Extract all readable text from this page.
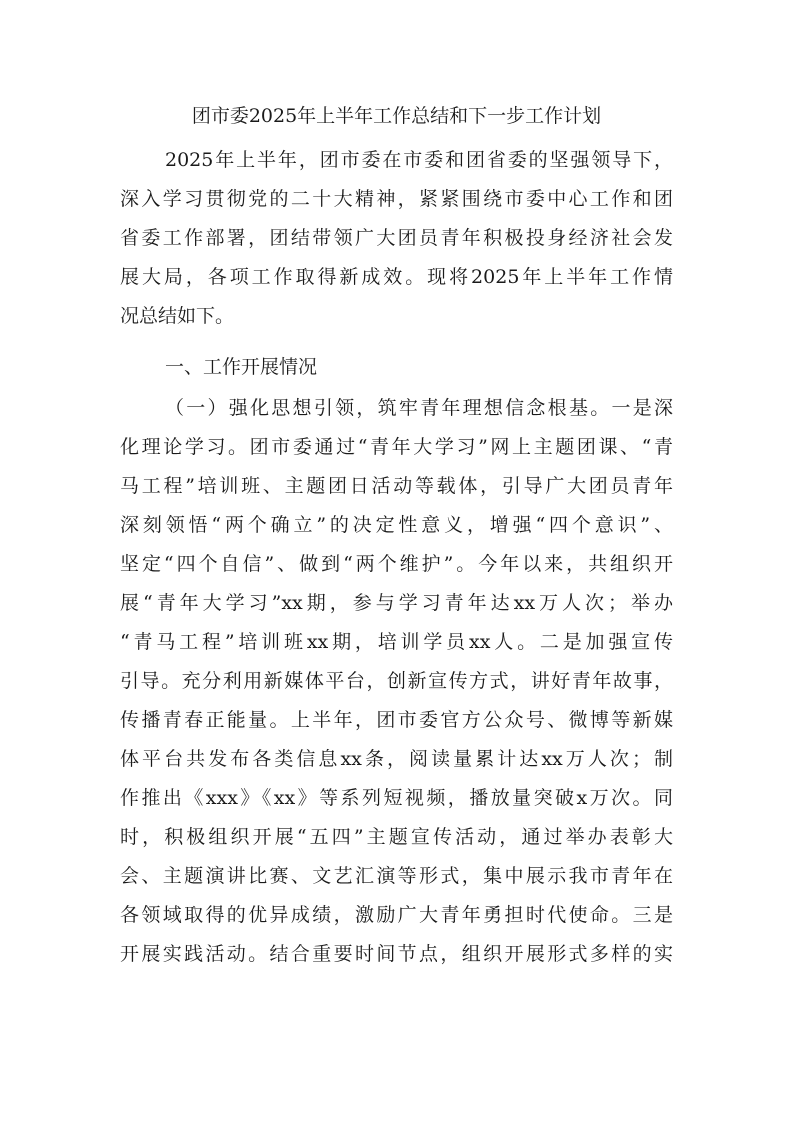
团市委2025年上半年工作总结和下一步工作计划
2025年上半年，团市委在市委和团省委的坚强领导下，
深入学习贯彻党的二十大精神，紧紧围绕市委中心工作和团
省委工作部署，团结带领广大团员青年积极投身经济社会发
展大局，各项工作取得新成效。现将2025年上半年工作情
况总结如下。
一、工作开展情况
（一）强化思想引领，筑牢青年理想信念根基。一是深
化理论学习。团市委通过“青年大学习”网上主题团课、“青
马工程”培训班、主题团日活动等载体，引导广大团员青年
深刻领悟“两个确立”的决定性意义，增强“四个意识”、
坚定“四个自信”、做到“两个维护”。今年以来，共组织开
展“青年大学习”xx期，参与学习青年达xx万人次；举办
“青马工程”培训班xx期，培训学员xx人。二是加强宣传
引导。充分利用新媒体平台，创新宣传方式，讲好青年故事，
传播青春正能量。上半年，团市委官方公众号、微博等新媒
体平台共发布各类信息xx条，阅读量累计达xx万人次；制
作推出《xxx》《xx》等系列短视频，播放量突破x万次。同
时，积极组织开展“五四”主题宣传活动，通过举办表彰大
会、主题演讲比赛、文艺汇演等形式，集中展示我市青年在
各领域取得的优异成绩，激励广大青年勇担时代使命。三是
开展实践活动。结合重要时间节点，组织开展形式多样的实
